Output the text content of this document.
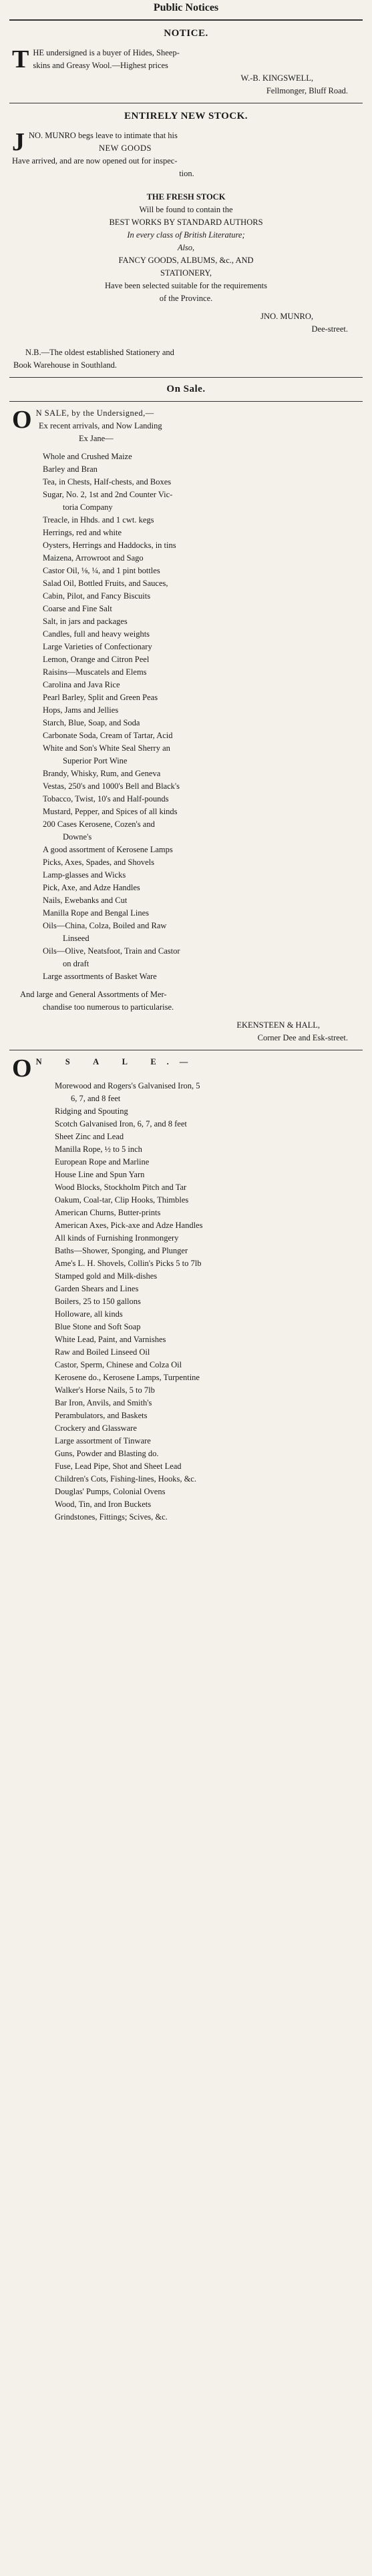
Public Notices
NOTICE.
T HE undersigned is a buyer of Hides, Sheep-
skins and Greasy Wool.—Highest prices
W.-B. KINGSWELL,
Fellmonger, Bluff Road.
ENTIRELY NEW STOCK.
J NO. MUNRO begs leave to intimate that his
NEW GOODS
Have arrived, and are now opened out for inspec-
tion.
THE FRESH STOCK
Will be found to contain the
BEST WORKS BY STANDARD AUTHORS
In every class of British Literature;
Also,
FANCY GOODS, ALBUMS, &c., AND
STATIONERY,
Have been selected suitable for the requirements
of the Province.
JNO. MUNRO,
Dee-street.
N.B.—The oldest established Stationery and
Book Warehouse in Southland.
On Sale.
O N SALE, by the Undersigned,—
Ex recent arrivals, and Now Landing
Ex Jane—
Whole and Crushed Maize
Barley and Bran
Tea, in Chests, Half-chests, and Boxes
Sugar, No. 2, 1st and 2nd Counter Vic-
toria Company
Treacle, in Hhds. and 1 cwt. kegs
Herrings, red and white
Oysters, Herrings and Haddocks, in tins
Maizena, Arrowroot and Sago
Castor Oil, ⅛, ¼, and 1 pint bottles
Salad Oil, Bottled Fruits, and Sauces,
Cabin, Pilot, and Fancy Biscuits
Coarse and Fine Salt
Salt, in jars and packages
Candles, full and heavy weights
Large Varieties of Confectionary
Lemon, Orange and Citron Peel
Raisins—Muscatels and Elems
Carolina and Java Rice
Pearl Barley, Split and Green Peas
Hops, Jams and Jellies
Starch, Blue, Soap, and Soda
Carbonate Soda, Cream of Tartar, Acid
White and Son's White Seal Sherry an
Superior Port Wine
Brandy, Whisky, Rum, and Geneva
Vestas, 250's and 1000's Bell and Black's
Tobacco, Twist, 10's and Half-pounds
Mustard, Pepper, and Spices of all kinds
200 Cases Kerosene, Cozen's and
Downe's
A good assortment of Kerosene Lamps
Picks, Axes, Spades, and Shovels
Lamp-glasses and Wicks
Pick, Axe, and Adze Handles
Nails, Ewebanks and Cut
Manilla Rope and Bengal Lines
Oils—China, Colza, Boiled and Raw
Linseed
Oils—Olive, Neatsfoot, Train and Castor
on draft
Large assortments of Basket Ware
And large and General Assortments of Mer-
chandise too numerous to particularise.
EKENSTEEN & HALL,
Corner Dee and Esk-street.
O N S A L E.—
Morewood and Rogers's Galvanised Iron, 5
6, 7, and 8 feet
Ridging and Spouting
Scotch Galvanised Iron, 6, 7, and 8 feet
Sheet Zinc and Lead
Manilla Rope, ½ to 5 inch
European Rope and Marline
House Line and Spun Yarn
Wood Blocks, Stockholm Pitch and Tar
Oakum, Coal-tar, Clip Hooks, Thimbles
American Churns, Butter-prints
American Axes, Pick-axe and Adze Handles
All kinds of Furnishing Ironmongery
Baths—Shower, Sponging, and Plunger
Ame's L. H. Shovels, Collin's Picks 5 to 7lb
Stamped gold and Milk-dishes
Garden Shears and Lines
Boilers, 25 to 150 gallons
Holloware, all kinds
Blue Stone and Soft Soap
White Lead, Paint, and Varnishes
Raw and Boiled Linseed Oil
Castor, Sperm, Chinese and Colza Oil
Kerosene do., Kerosene Lamps, Turpentine
Walker's Horse Nails, 5 to 7lb
Bar Iron, Anvils, and Smith's
Perambulators, and Baskets
Crockery and Glassware
Large assortment of Tinware
Guns, Powder and Blasting do.
Fuse, Lead Pipe, Shot and Sheet Lead
Children's Cots, Fishing-lines, Hooks, &c.
Douglas' Pumps, Colonial Ovens
Wood, Tin, and Iron Buckets
Grindstones, Fittings; Scives, &c.
